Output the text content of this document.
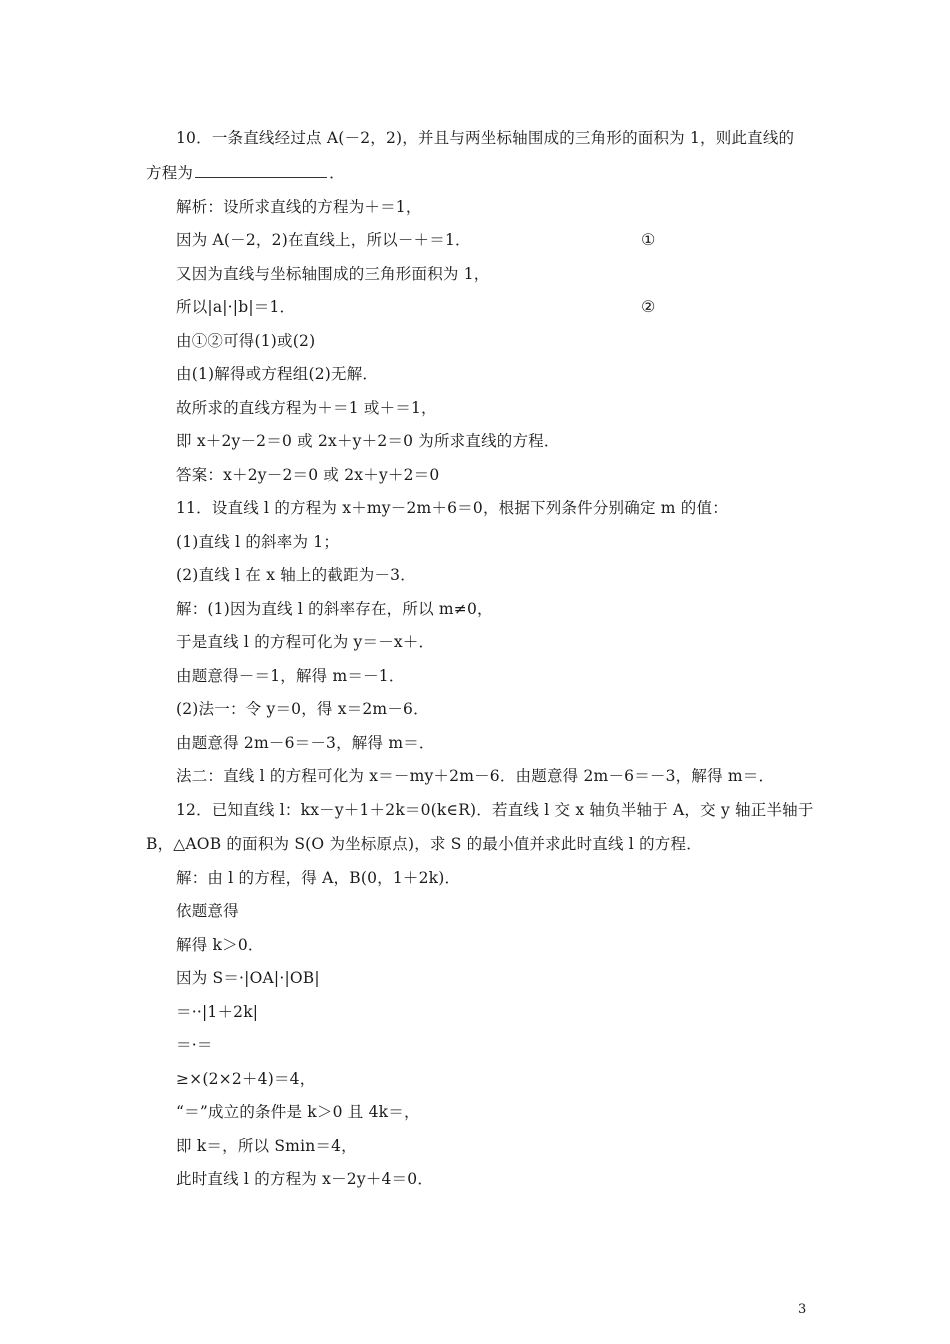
10．一条直线经过点 A(－2，2)，并且与两坐标轴围成的三角形的面积为 1，则此直线的
方程为	．
解析：设所求直线的方程为＋＝1，
因为 A(－2，2)在直线上，所以－＋＝1．	①
又因为直线与坐标轴围成的三角形面积为 1，
所以|a|·|b|＝1．	②
由①②可得(1)或(2)
由(1)解得或方程组(2)无解．
故所求的直线方程为＋＝1 或＋＝1，
即 x＋2y－2＝0 或 2x＋y＋2＝0 为所求直线的方程．
答案：x＋2y－2＝0 或 2x＋y＋2＝0
11．设直线 l 的方程为 x＋my－2m＋6＝0，根据下列条件分别确定 m 的值：
(1)直线 l 的斜率为 1；
(2)直线 l 在 x 轴上的截距为－3．
解：(1)因为直线 l 的斜率存在，所以 m≠0，
于是直线 l 的方程可化为 y＝－x＋．
由题意得－＝1，解得 m＝－1．
(2)法一：令 y＝0，得 x＝2m－6．
由题意得 2m－6＝－3，解得 m＝．
法二：直线 l 的方程可化为 x＝－my＋2m－6．由题意得 2m－6＝－3，解得 m＝．
12．已知直线 l：kx－y＋1＋2k＝0(k∈R)．若直线 l 交 x 轴负半轴于 A，交 y 轴正半轴于
B，△AOB 的面积为 S(O 为坐标原点)，求 S 的最小值并求此时直线 l 的方程．
解：由 l 的方程，得 A，B(0，1＋2k)．
依题意得
解得 k＞0．
因为 S＝·|OA|·|OB|
＝··|1＋2k|
＝·＝
≥×(2×2＋4)＝4，
“＝”成立的条件是 k＞0 且 4k＝，
即 k＝，所以 Smin＝4，
此时直线 l 的方程为 x－2y＋4＝0．
3
